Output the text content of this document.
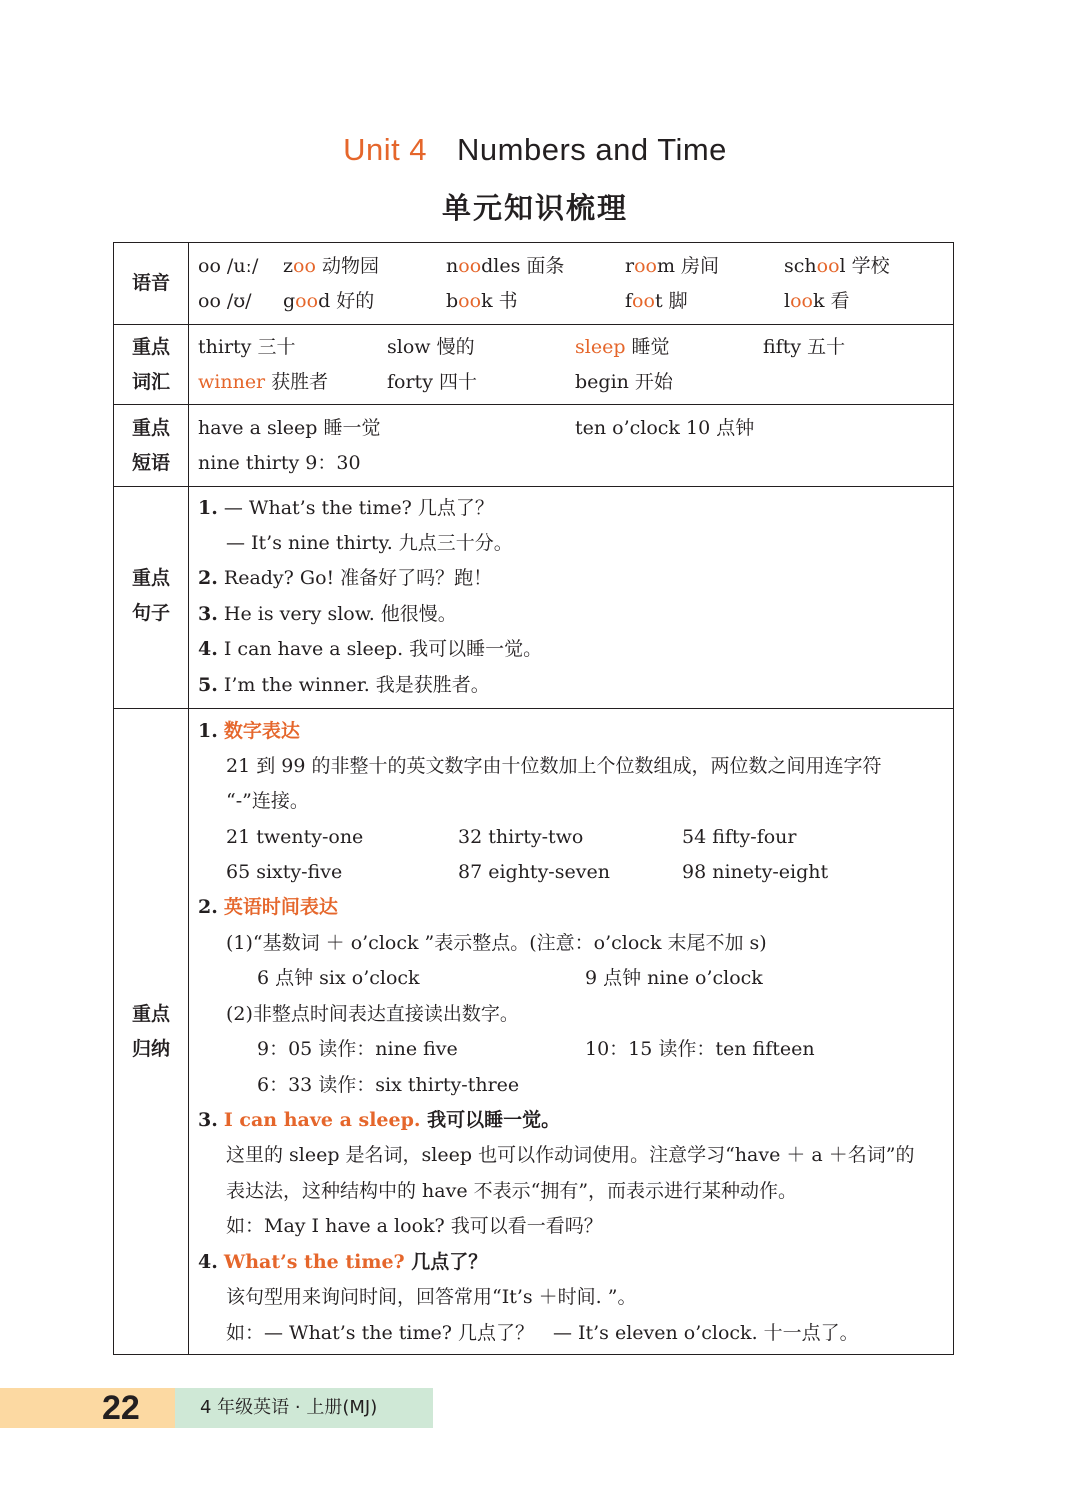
Unit 4 Numbers and Time
单元知识梳理
语音
oo /uː/ zoo 动物园	noodles 面条	room 房间	school 学校
oo /ʊ/ good 好的	book 书	foot 脚	look 看
重点
词汇
thirty 三十	slow 慢的	sleep 睡觉	fifty 五十
winner 获胜者	forty 四十	begin 开始
重点
短语
have a sleep 睡一觉	ten o’clock 10 点钟
nine thirty 9：30
重点
句子
1. — What’s the time? 几点了？
— It’s nine thirty. 九点三十分。
2. Ready? Go! 准备好了吗？跑！
3. He is very slow. 他很慢。
4. I can have a sleep. 我可以睡一觉。
5. I’m the winner. 我是获胜者。
重点
归纳
1. 数字表达
21 到 99 的非整十的英文数字由十位数加上个位数组成，两位数之间用连字符
“-”连接。
21 twenty-one	32 thirty-two	54 fifty-four
65 sixty-five	87 eighty-seven	98 ninety-eight
2. 英语时间表达
(1)“基数词 ＋ o’clock ”表示整点。(注意：o’clock 末尾不加 s)
6 点钟 six o’clock	9 点钟 nine o’clock
(2)非整点时间表达直接读出数字。
9：05 读作：nine five	10：15 读作：ten fifteen
6：33 读作：six thirty-three
3. I can have a sleep. 我可以睡一觉。
这里的 sleep 是名词，sleep 也可以作动词使用。注意学习“have ＋ a ＋名词”的
表达法，这种结构中的 have 不表示“拥有”，而表示进行某种动作。
如：May I have a look? 我可以看一看吗？
4. What’s the time? 几点了？
该句型用来询问时间，回答常用“It’s ＋时间. ”。
如：— What’s the time? 几点了？　— It’s eleven o’clock. 十一点了。
22	4 年级英语 · 上册(MJ)
